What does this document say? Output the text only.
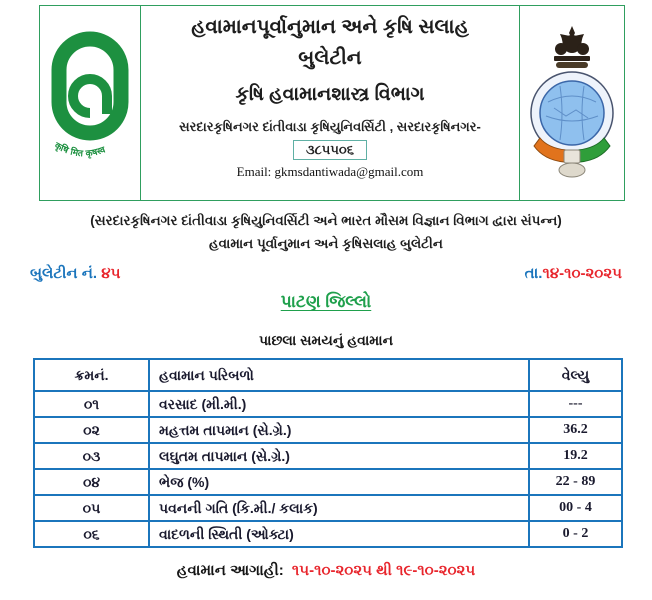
कृषि मित कृषस्व
હવામાનપૂર્વાનુમાન અને કૃષિ સલાહ
બુલેટીન
કૃષિ હવામાનશાસ્ત્ર વિભાગ
સરદારકૃષિનગર દાંતીવાડા કૃષિયુનિવર્સિટી , સરદારકૃષિનગર-
૩૮૫૫૦૬
Email: gkmsdantiwada@gmail.com
(સરદારકૃષિનગર દાંતીવાડા કૃષિયુનિવર્સિટી અને ભારત મૌસમ વિજ્ઞાન વિભાગ દ્વારા સંપન્ન)
હવામાન પૂર્વાનુમાન અને કૃષિસલાહ બુલેટીન
બુલેટીન નં. ૪૫	તા.૧૪-૧૦-૨૦૨૫
પાટણ જિલ્લો
પાછલા સમયનું હવામાન
ક્રમનં.	હવામાન પરિબળો	વેલ્યુ
૦૧	વરસાદ (મી.મી.)	---
૦૨	મહત્તમ તાપમાન (સે.ગ્રે.)	36.2
૦૩	લઘુતમ તાપમાન (સે.ગ્રે.)	19.2
૦૪	ભેજ (%)	22 - 89
૦૫	પવનની ગતિ (કિ.મી./ કલાક)	00 - 4
૦૬	વાદળની સ્થિતી (ઓક્ટા)	0 - 2
હવામાન આગાહી: ૧૫-૧૦-૨૦૨૫ થી ૧૯-૧૦-૨૦૨૫
